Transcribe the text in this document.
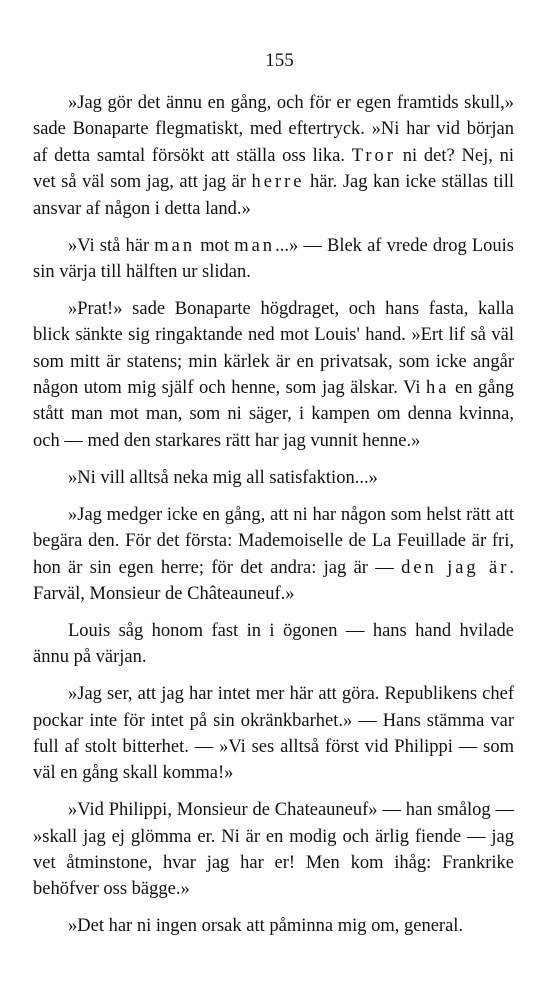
155

»Jag gör det ännu en gång, och för er egen framtids skull,» sade Bonaparte flegmatiskt, med eftertryck. »Ni har vid början af detta samtal försökt att ställa oss lika. Tror ni det? Nej, ni vet så väl som jag, att jag är herre här. Jag kan icke ställas till ansvar af någon i detta land.»

»Vi stå här man mot man...» — Blek af vrede drog Louis sin värja till hälften ur slidan.

»Prat!» sade Bonaparte högdraget, och hans fasta, kalla blick sänkte sig ringaktande ned mot Louis' hand. »Ert lif så väl som mitt är statens; min kärlek är en privatsak, som icke angår någon utom mig själf och henne, som jag älskar. Vi ha en gång stått man mot man, som ni säger, i kampen om denna kvinna, och — med den starkares rätt har jag vunnit henne.»

»Ni vill alltså neka mig all satisfaktion...»

»Jag medger icke en gång, att ni har någon som helst rätt att begära den. För det första: Mademoiselle de La Feuillade är fri, hon är sin egen herre; för det andra: jag är — den jag är. Farväl, Monsieur de Châteauneuf.»

Louis såg honom fast in i ögonen — hans hand hvilade ännu på värjan.

»Jag ser, att jag har intet mer här att göra. Republikens chef pockar inte för intet på sin okränkbarhet.» — Hans stämma var full af stolt bitterhet. — »Vi ses alltså först vid Philippi — som väl en gång skall komma!»

»Vid Philippi, Monsieur de Chateauneuf» — han smålog — »skall jag ej glömma er. Ni är en modig och ärlig fiende — jag vet åtminstone, hvar jag har er! Men kom ihåg: Frankrike behöfver oss bägge.»

»Det har ni ingen orsak att påminna mig om, general.
